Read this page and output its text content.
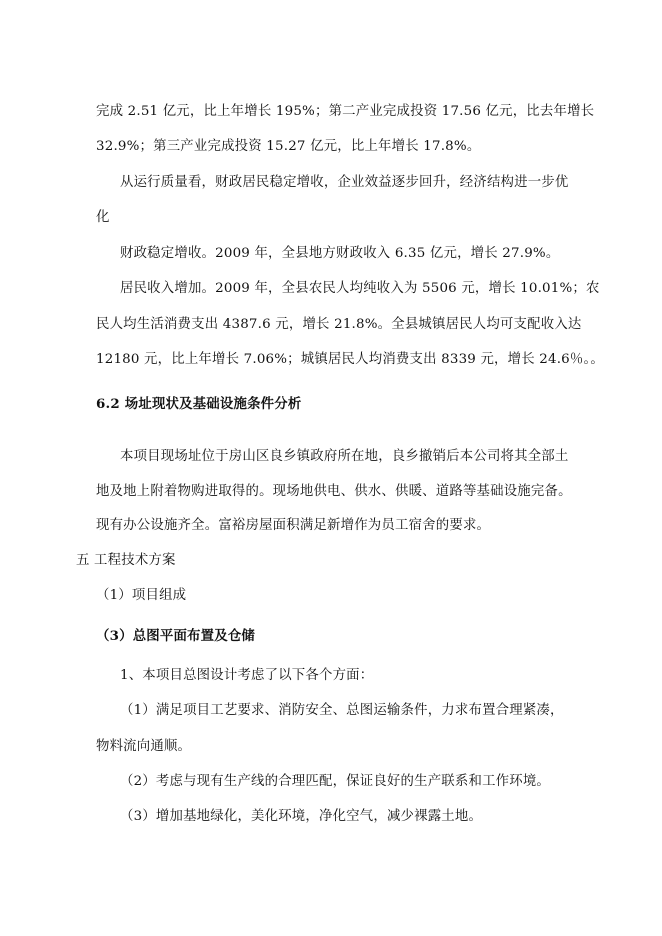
完成 2.51 亿元，比上年增长 195%；第二产业完成投资 17.56 亿元，比去年增长
32.9%；第三产业完成投资 15.27 亿元，比上年增长 17.8%。
从运行质量看，财政居民稳定增收，企业效益逐步回升，经济结构进一步优
化
财政稳定增收。2009 年，全县地方财政收入 6.35 亿元，增长 27.9%。
居民收入增加。2009 年，全县农民人均纯收入为 5506 元，增长 10.01%；农
民人均生活消费支出 4387.6 元，增长 21.8%。全县城镇居民人均可支配收入达
12180 元，比上年增长 7.06%；城镇居民人均消费支出 8339 元，增长 24.6％。。
6.2 场址现状及基础设施条件分析
本项目现场址位于房山区良乡镇政府所在地，良乡撤销后本公司将其全部土
地及地上附着物购进取得的。现场地供电、供水、供暖、道路等基础设施完备。
现有办公设施齐全。富裕房屋面积满足新增作为员工宿舍的要求。
五 工程技术方案
（1）项目组成
（3）总图平面布置及仓储
1、本项目总图设计考虑了以下各个方面：
（1）满足项目工艺要求、消防安全、总图运输条件，力求布置合理紧凑，
物料流向通顺。
（2）考虑与现有生产线的合理匹配，保证良好的生产联系和工作环境。
（3）增加基地绿化，美化环境，净化空气，减少裸露土地。
